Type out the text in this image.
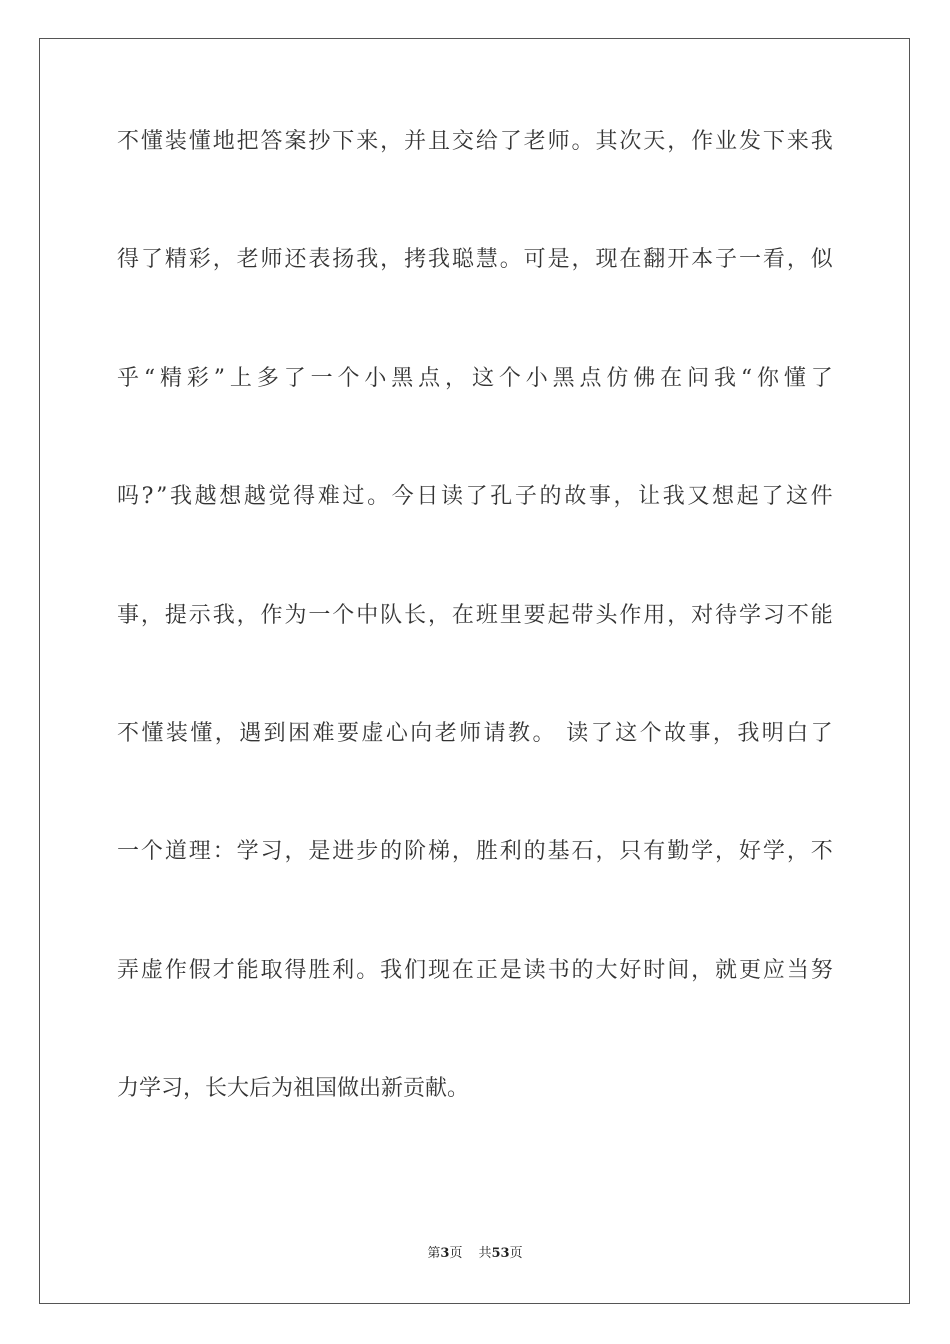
不 懂 装 懂 地 把 答 案 抄 下 来 ， 并 且 交 给 了 老 师 。 其 次 天 ， 作 业 发 下 来 我
得 了 精 彩 ， 老 师 还 表 扬 我 ， 拷 我 聪 慧 。 可 是 ， 现 在 翻 开 本 子 一 看 ， 似
乎 “ 精 彩 ” 上 多 了 一 个 小 黑 点 ， 这 个 小 黑 点 仿 佛 在 问 我 “ 你 懂 了
吗 ? ” 我 越 想 越 觉 得 难 过 。 今 日 读 了 孔 子 的 故 事 ， 让 我 又 想 起 了 这 件
事 ， 提 示 我 ， 作 为 一 个 中 队 长 ， 在 班 里 要 起 带 头 作 用 ， 对 待 学 习 不 能
不 懂 装 懂 ， 遇 到 困 难 要 虚 心 向 老 师 请 教 。
读 了 这 个 故 事 ， 我 明 白 了
一 个 道 理 ： 学 习 ， 是 进 步 的 阶 梯 ， 胜 利 的 基 石 ， 只 有 勤 学 ， 好 学 ， 不
弄 虚 作 假 才 能 取 得 胜 利 。 我 们 现 在 正 是 读 书 的 大 好 时 间 ， 就 更 应 当 努
力学习，长大后为祖国做出新贡献。
第3页 共53页
